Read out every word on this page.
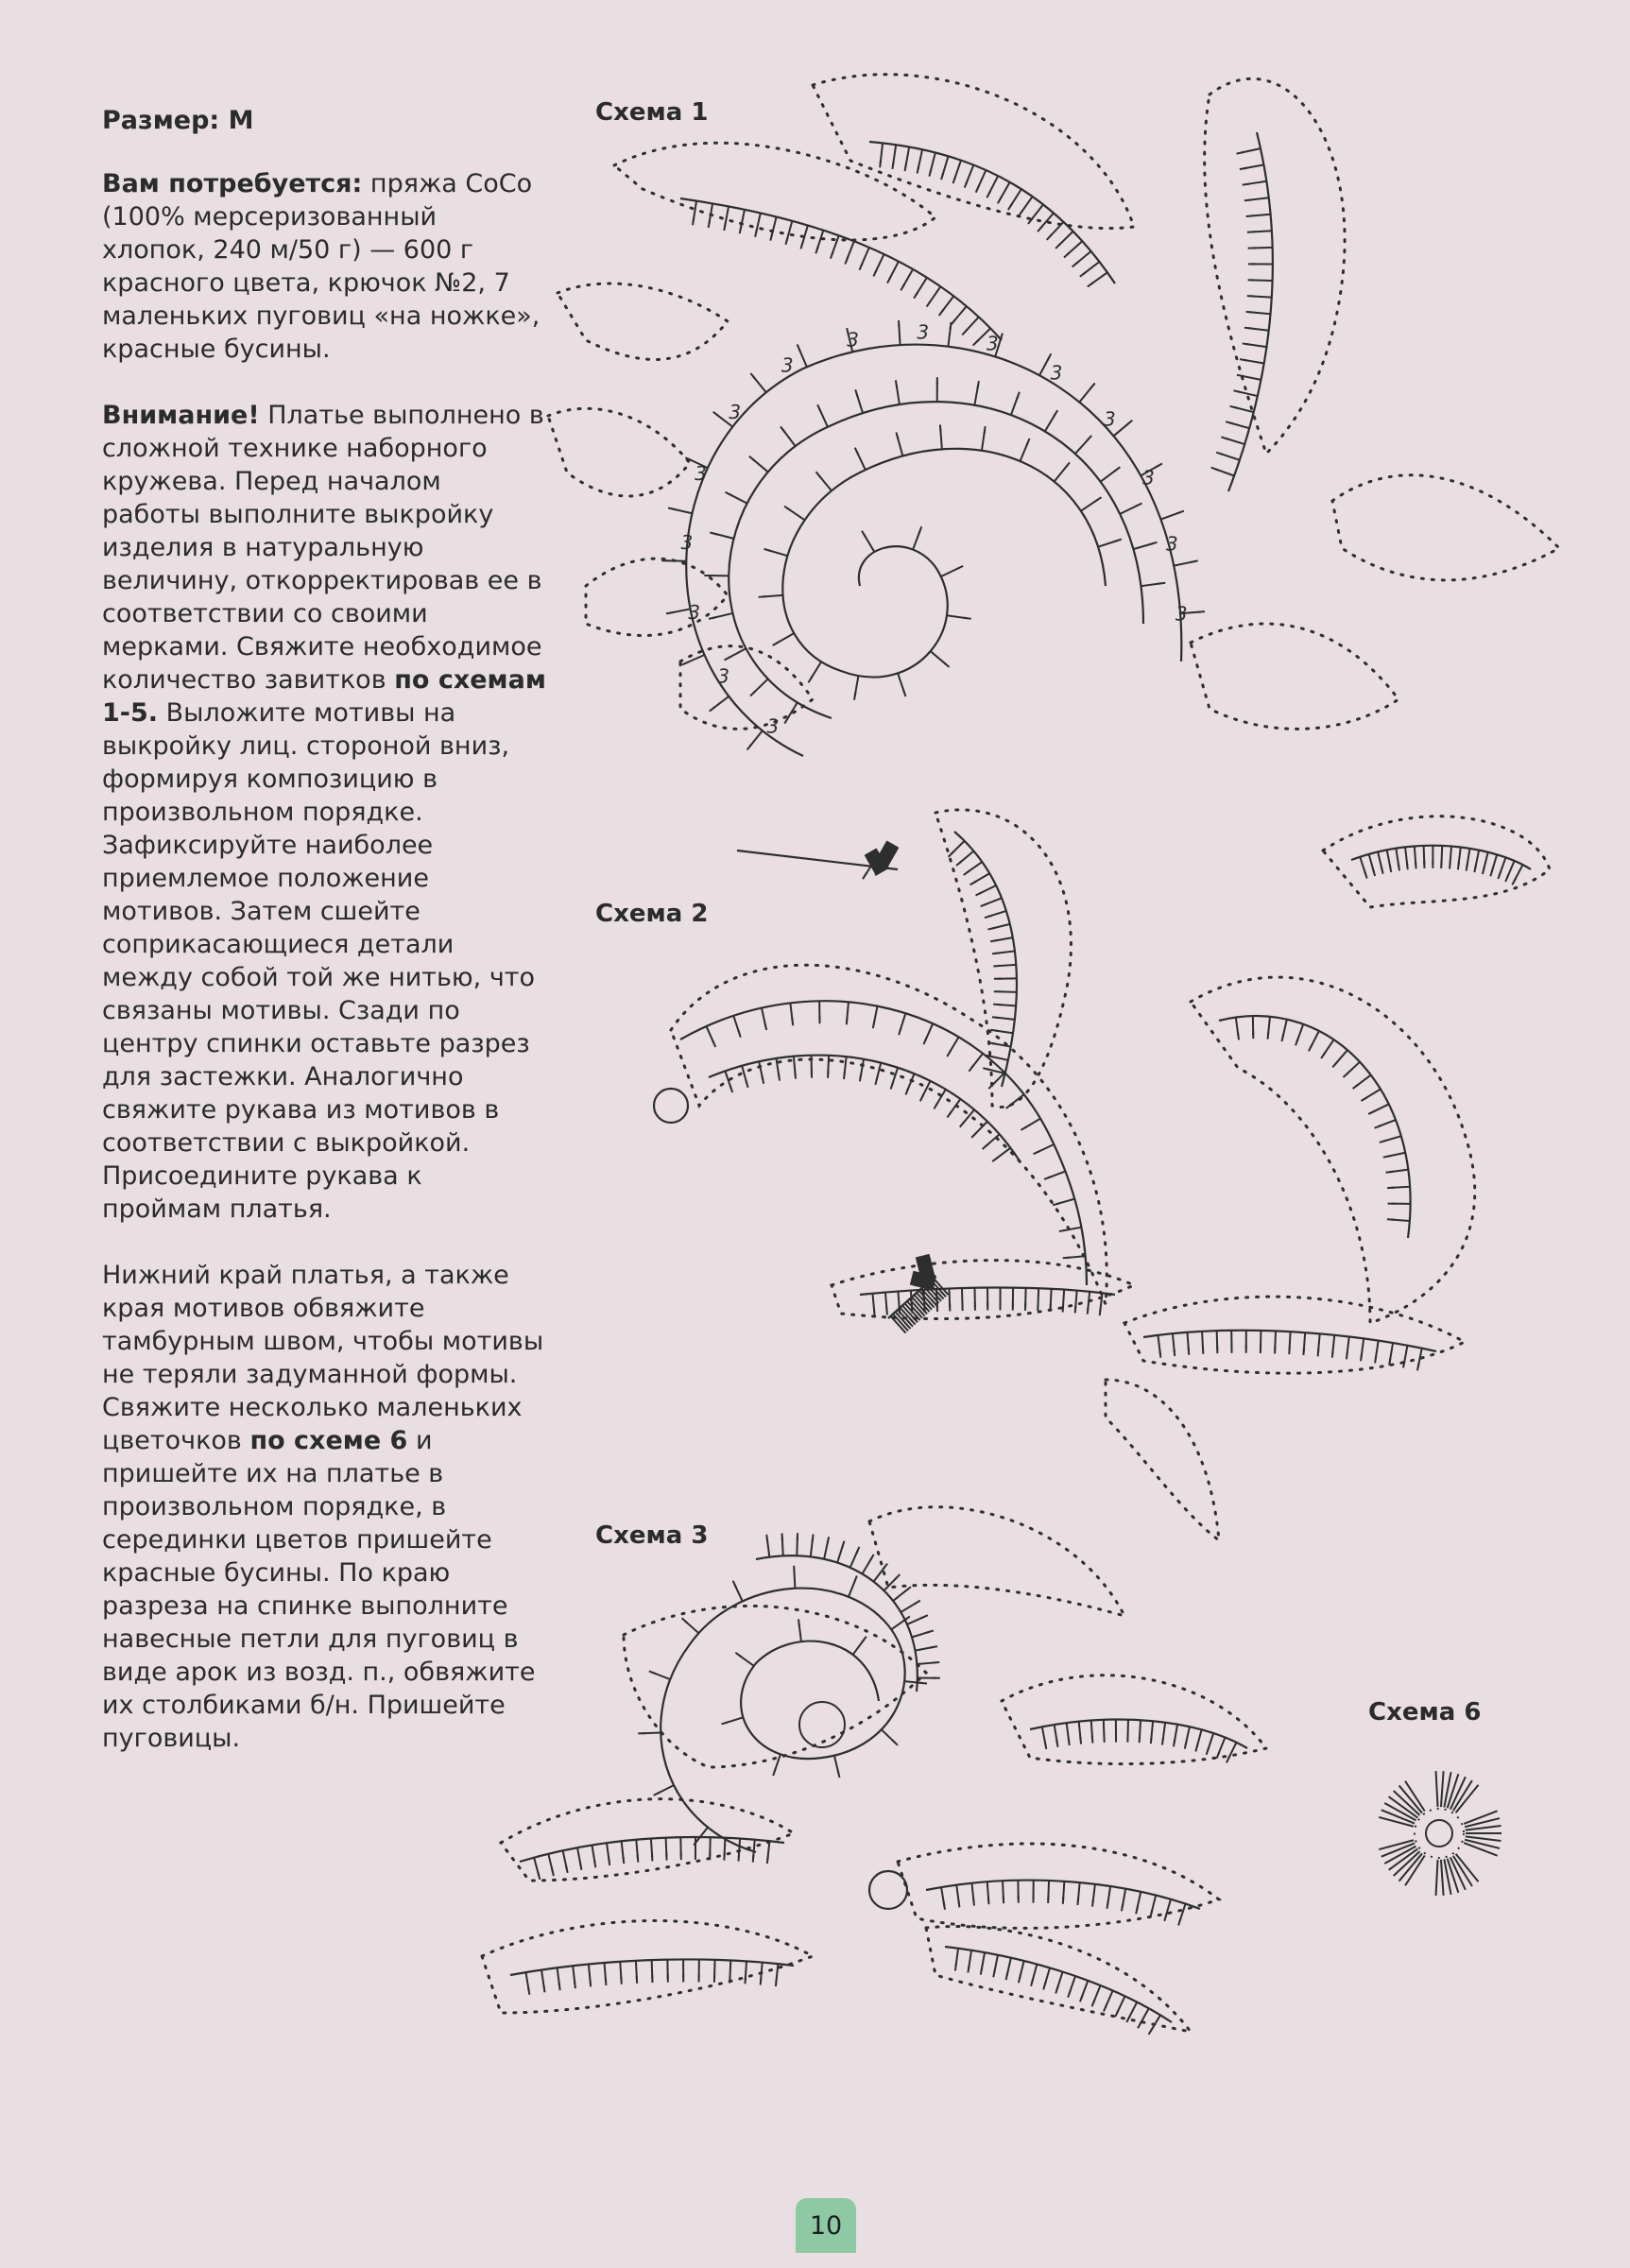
Размер: М

Вам потребуется: пряжа СоСо (100% мерсеризованный хлопок, 240 м/50 г) — 600 г красного цвета, крючок №2, 7 маленьких пуговиц «на ножке», красные бусины.

Внимание! Платье выполнено в сложной технике наборного кружева. Перед началом работы выполните выкройку изделия в натуральную величину, откорректировав ее в соответствии со своими мерками. Свяжите необходимое количество завитков по схемам 1-5. Выложите мотивы на выкройку лиц. стороной вниз, формируя композицию в произвольном порядке. Зафиксируйте наиболее приемлемое положение мотивов. Затем сшейте соприкасающиеся детали между собой той же нитью, что связаны мотивы. Сзади по центру спинки оставьте разрез для застежки. Аналогично свяжите рукава из мотивов в соответствии с выкройкой. Присоедините рукава к проймам платья.

Нижний край платья, а также края мотивов обвяжите тамбурным швом, чтобы мотивы не теряли задуманной формы. Свяжите несколько маленьких цветочков по схеме 6 и пришейте их на платье в произвольном порядке, в серединки цветов пришейте красные бусины. По краю разреза на спинке выполните навесные петли для пуговиц в виде арок из возд. п., обвяжите их столбиками б/н. Пришейте пуговицы.

Схема 1
Схема 2
Схема 3
Схема 6
3
3
3
3
3
3
3
3
3
3
3
3
3
3
3
10
